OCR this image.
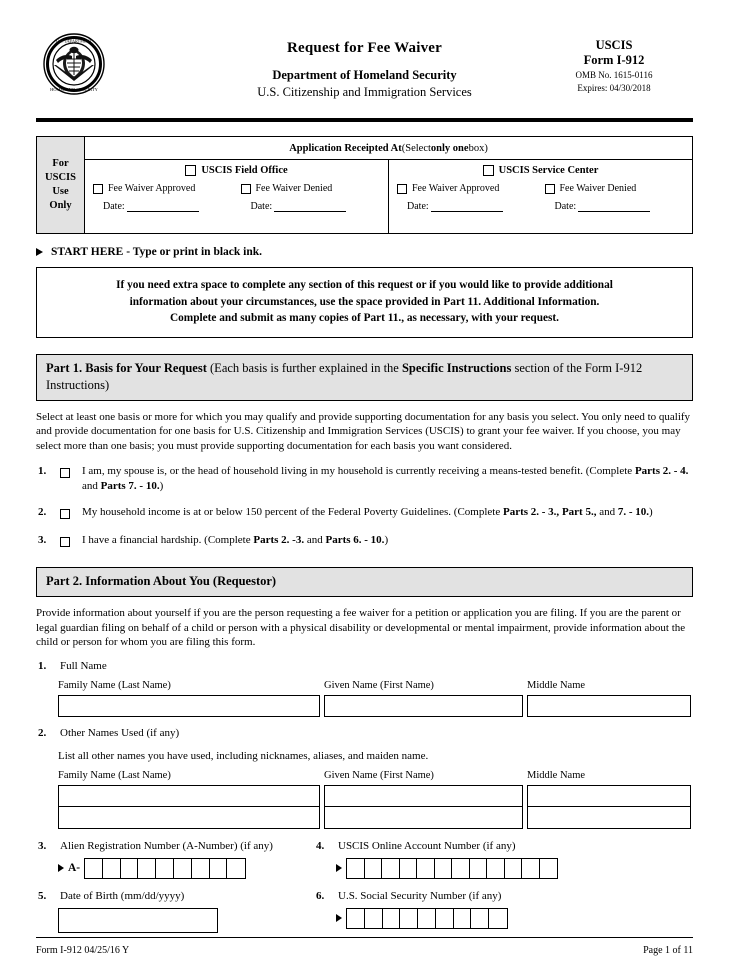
U.S. DEPARTMENT
HOMELAND SECURITY
Request for Fee Waiver
Department of Homeland Security
U.S. Citizenship and Immigration Services
USCIS
Form I-912
OMB No. 1615-0116
Expires: 04/30/2018
For
USCIS
Use
Only
Application Receipted At (Select only one box)
USCIS Field Office
Fee Waiver Approved	Fee Waiver Denied
Date:	Date:
USCIS Service Center
Fee Waiver Approved	Fee Waiver Denied
Date:	Date:
START HERE - Type or print in black ink.
If you need extra space to complete any section of this request or if you would like to provide additional
information about your circumstances, use the space provided in Part 11. Additional Information.
Complete and submit as many copies of Part 11., as necessary, with your request.
Part 1. Basis for Your Request (Each basis is further explained in the Specific Instructions section of the Form I-912 Instructions)
Select at least one basis or more for which you may qualify and provide supporting documentation for any basis you select. You only need to qualify and provide documentation for one basis for U.S. Citizenship and Immigration Services (USCIS) to grant your fee waiver. If you choose, you may select more than one basis; you must provide supporting documentation for each basis you want considered.
1.	I am, my spouse is, or the head of household living in my household is currently receiving a means-tested benefit. (Complete Parts 2. - 4. and Parts 7. - 10.)
2.	My household income is at or below 150 percent of the Federal Poverty Guidelines. (Complete Parts 2. - 3., Part 5., and 7. - 10.)
3.	I have a financial hardship. (Complete Parts 2. -3. and Parts 6. - 10.)
Part 2. Information About You (Requestor)
Provide information about yourself if you are the person requesting a fee waiver for a petition or application you are filing. If you are the parent or legal guardian filing on behalf of a child or person with a physical disability or developmental or mental impairment, provide information about the child or person for whom you are filing this form.
1.	Full Name
Family Name (Last Name)	Given Name (First Name)	Middle Name
2.	Other Names Used (if any)
List all other names you have used, including nicknames, aliases, and maiden name.
Family Name (Last Name)	Given Name (First Name)	Middle Name
3.	Alien Registration Number (A-Number) (if any)
A-
4.	USCIS Online Account Number (if any)
5.	Date of Birth (mm/dd/yyyy)	6.	U.S. Social Security Number (if any)
Form I-912 04/25/16 Y	Page 1 of 11
